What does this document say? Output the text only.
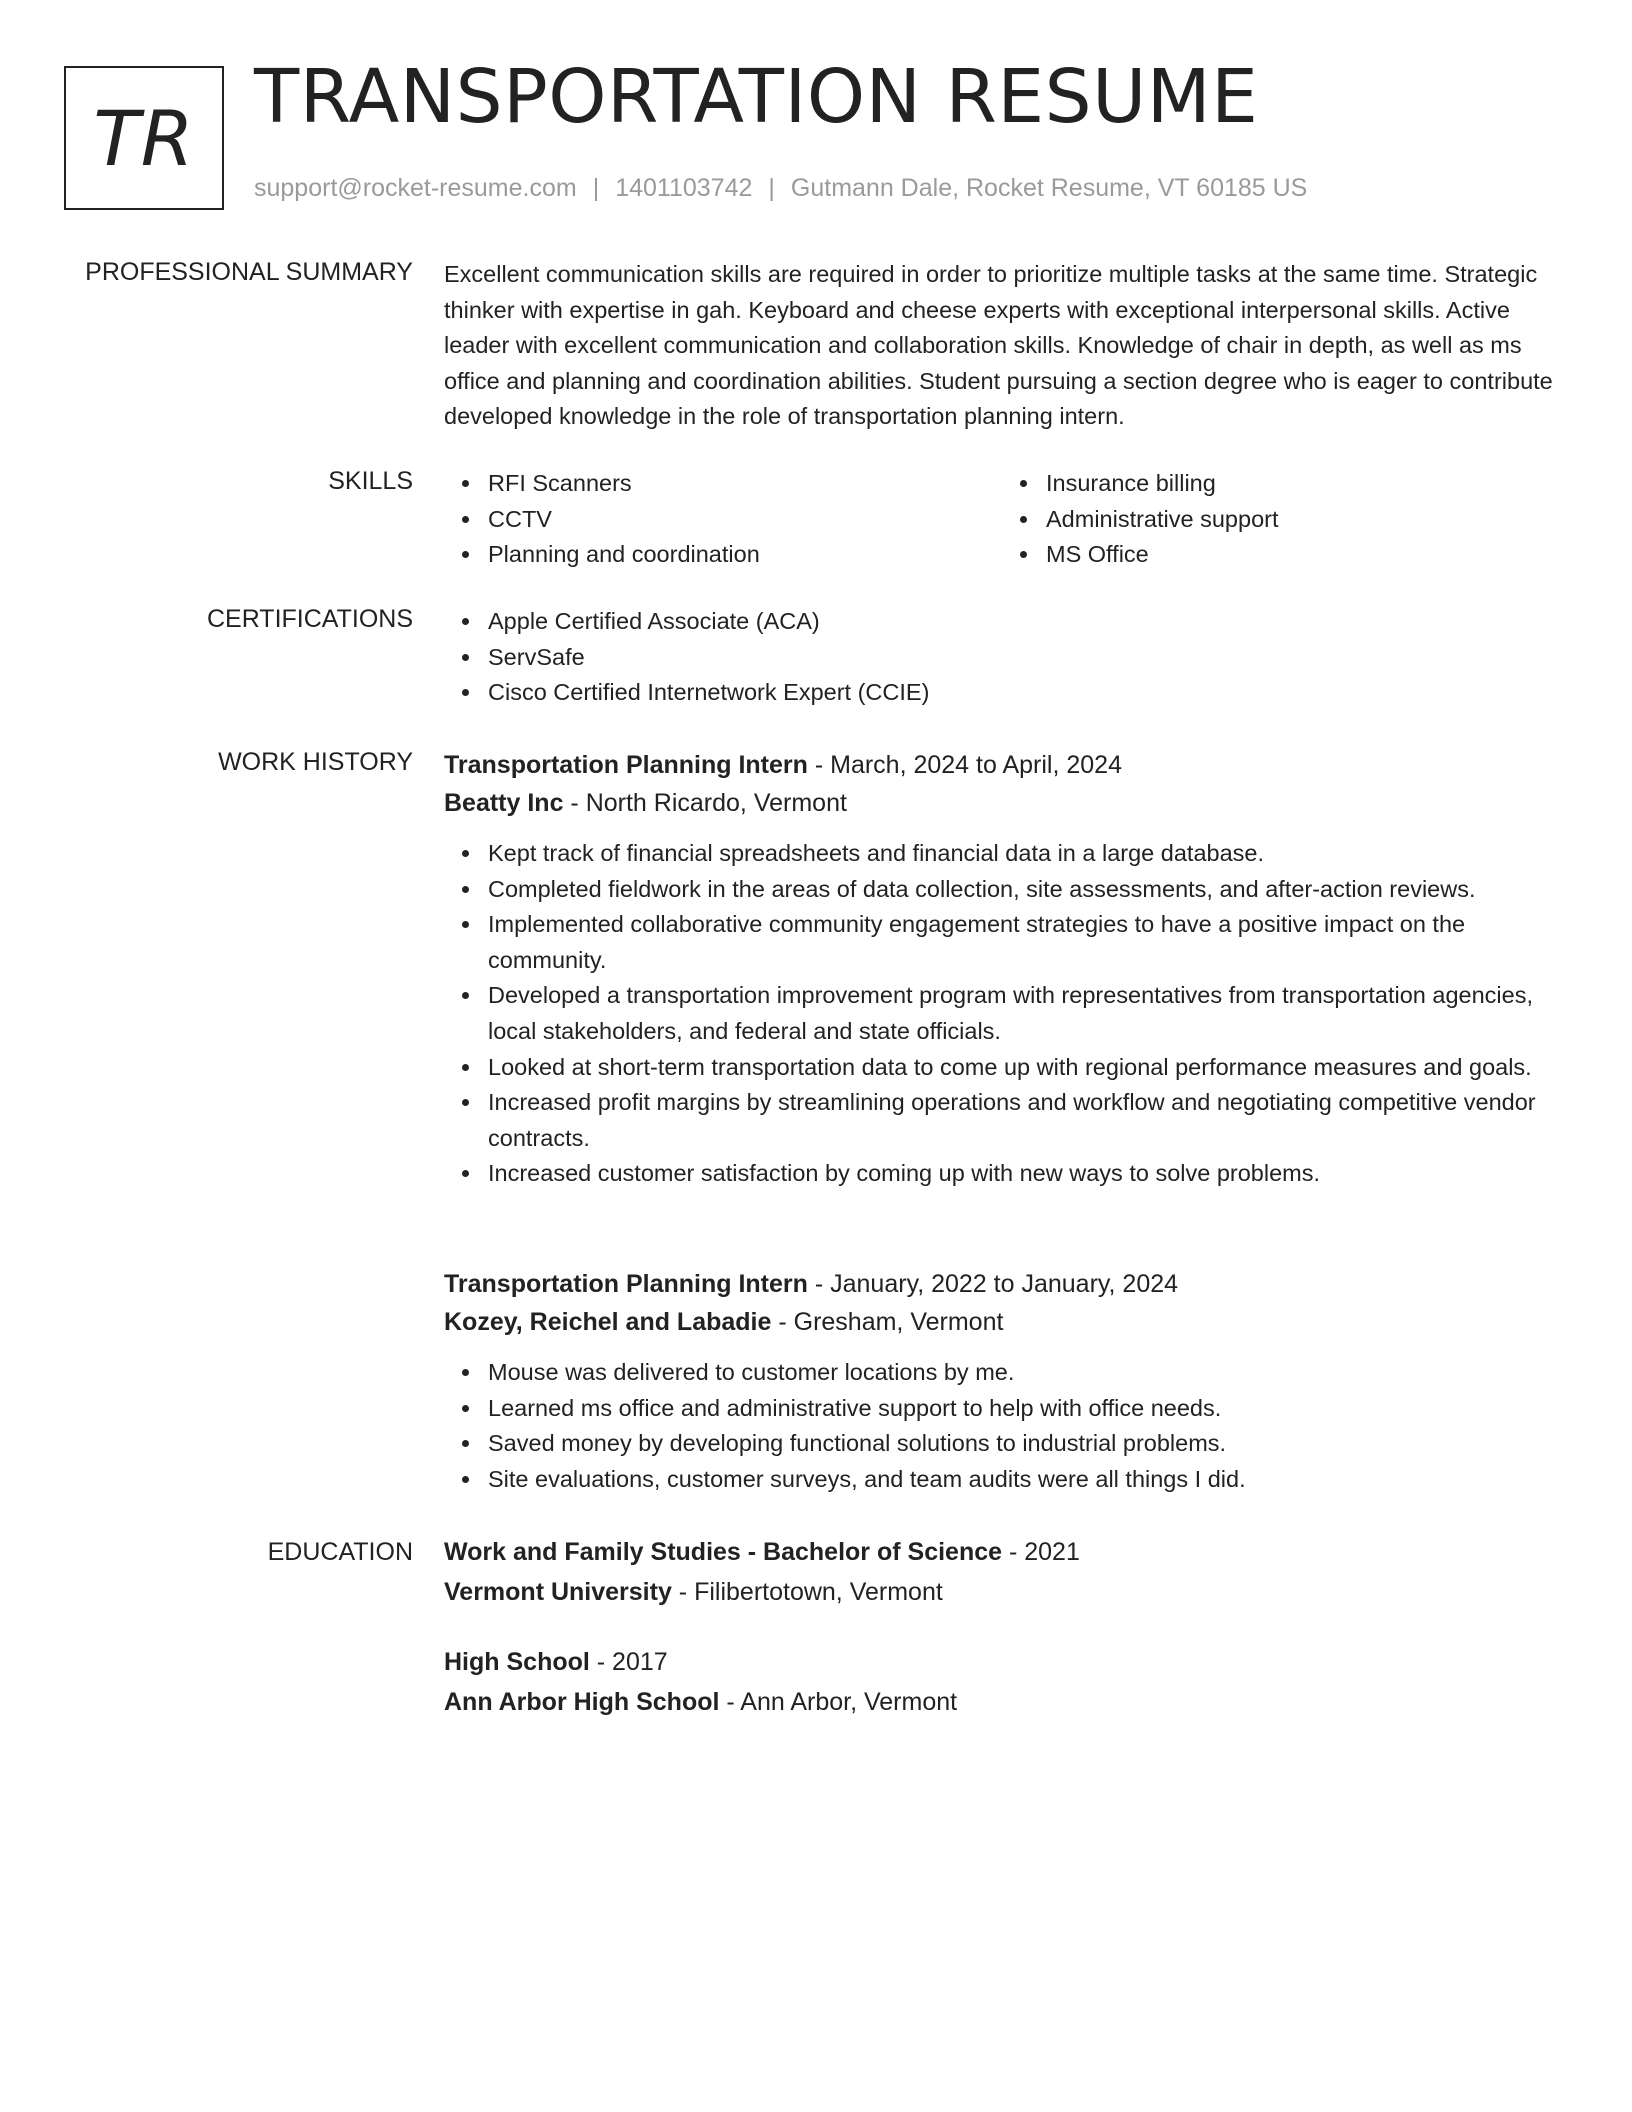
TR TRANSPORTATION RESUME
support@rocket-resume.com | 1401103742 | Gutmann Dale, Rocket Resume, VT 60185 US
PROFESSIONAL SUMMARY Excellent communication skills are required in order to prioritize multiple tasks at the same time. Strategic thinker with expertise in gah. Keyboard and cheese experts with exceptional interpersonal skills. Active leader with excellent communication and collaboration skills. Knowledge of chair in depth, as well as ms office and planning and coordination abilities. Student pursuing a section degree who is eager to contribute developed knowledge in the role of transportation planning intern.
SKILLS	RFI Scanners
CCTV
Planning and coordination
Insurance billing
Administrative support
MS Office
CERTIFICATIONS	Apple Certified Associate (ACA)
ServSafe
Cisco Certified Internetwork Expert (CCIE)
WORK HISTORY Transportation Planning Intern - March, 2024 to April, 2024
Beatty Inc - North Ricardo, Vermont
Kept track of financial spreadsheets and financial data in a large database.
Completed fieldwork in the areas of data collection, site assessments, and after-action reviews.
Implemented collaborative community engagement strategies to have a positive impact on the community.
Developed a transportation improvement program with representatives from transportation agencies, local stakeholders, and federal and state officials.
Looked at short-term transportation data to come up with regional performance measures and goals.
Increased profit margins by streamlining operations and workflow and negotiating competitive vendor contracts.
Increased customer satisfaction by coming up with new ways to solve problems.
Transportation Planning Intern - January, 2022 to January, 2024
Kozey, Reichel and Labadie - Gresham, Vermont
Mouse was delivered to customer locations by me.
Learned ms office and administrative support to help with office needs.
Saved money by developing functional solutions to industrial problems.
Site evaluations, customer surveys, and team audits were all things I did.
EDUCATION Work and Family Studies - Bachelor of Science - 2021
Vermont University - Filibertotown, Vermont
High School - 2017
Ann Arbor High School - Ann Arbor, Vermont
